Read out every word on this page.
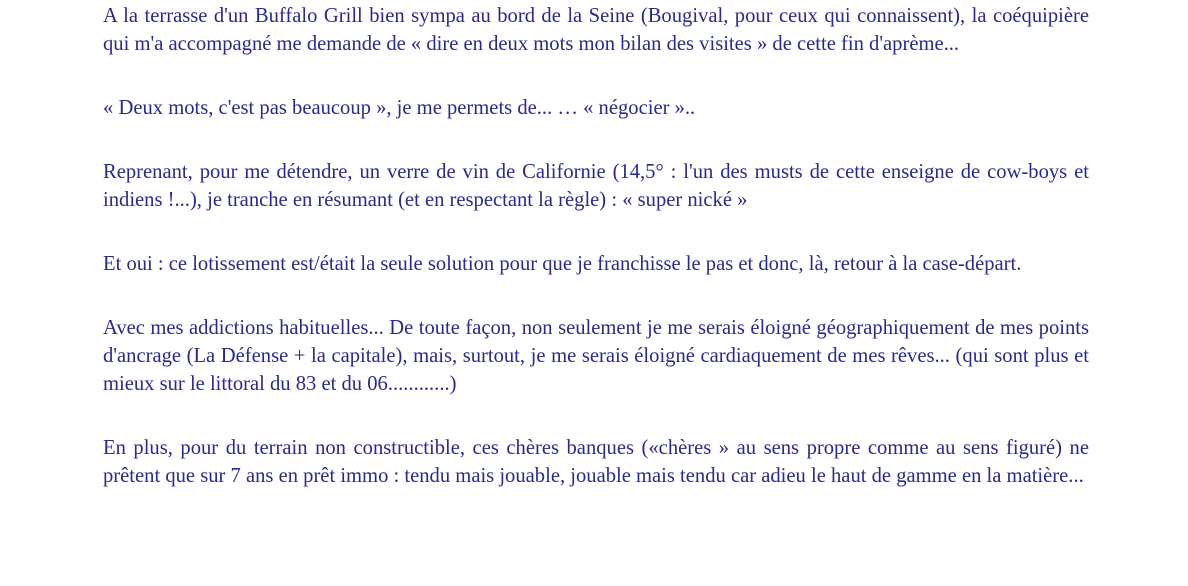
A la terrasse d'un Buffalo Grill bien sympa au bord de la Seine (Bougival, pour ceux qui connaissent), la coéquipière qui m'a accompagné me demande de « dire en deux mots mon bilan des visites » de cette fin d'aprème...

« Deux mots, c'est pas beaucoup », je me permets de... … « négocier »..

Reprenant, pour me détendre, un verre de vin de Californie (14,5° : l'un des musts de cette enseigne de cow-boys et indiens !...), je tranche en résumant (et en respectant la règle) : « super nické »

Et oui : ce lotissement est/était la seule solution pour que je franchisse le pas et donc, là, retour à la case-départ.

Avec mes addictions habituelles... De toute façon, non seulement je me serais éloigné géographiquement de mes points d'ancrage (La Défense + la capitale), mais, surtout, je me serais éloigné cardiaquement de mes rêves... (qui sont plus et mieux sur le littoral du 83 et du 06............)

En plus, pour du terrain non constructible, ces chères banques («chères » au sens propre comme au sens figuré) ne prêtent que sur 7 ans en prêt immo : tendu mais jouable, jouable mais tendu car adieu le haut de gamme en la matière...
